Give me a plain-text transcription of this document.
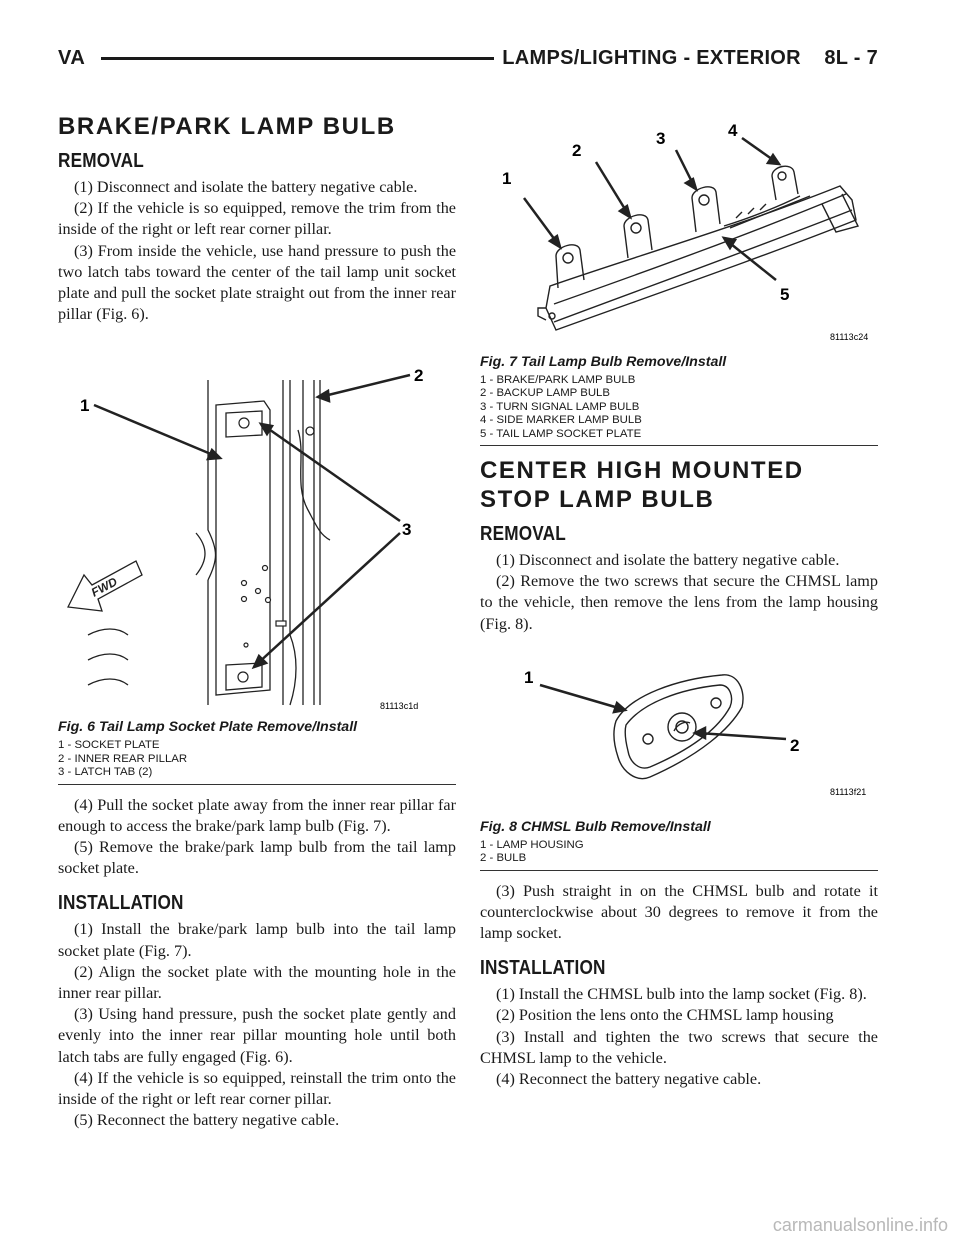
VA	LAMPS/LIGHTING - EXTERIOR    8L - 7
BRAKE/PARK LAMP BULB
REMOVAL

(1) Disconnect and isolate the battery negative cable.

(2) If the vehicle is so equipped, remove the trim from the inside of the right or left rear corner pillar.

(3) From inside the vehicle, use hand pressure to push the two latch tabs toward the center of the tail lamp unit socket plate and pull the socket plate straight out from the inner rear pillar (Fig. 6).

FWD
1
2
3
81113c1d
Fig. 6 Tail Lamp Socket Plate Remove/Install
1 - SOCKET PLATE
2 - INNER REAR PILLAR
3 - LATCH TAB (2)

(4) Pull the socket plate away from the inner rear pillar far enough to access the brake/park lamp bulb (Fig. 7).

(5) Remove the brake/park lamp bulb from the tail lamp socket plate.

INSTALLATION

(1) Install the brake/park lamp bulb into the tail lamp socket plate (Fig. 7).

(2) Align the socket plate with the mounting hole in the inner rear pillar.

(3) Using hand pressure, push the socket plate gently and evenly into the inner rear pillar mounting hole until both latch tabs are fully engaged (Fig. 6).

(4) If the vehicle is so equipped, reinstall the trim onto the inside of the right or left rear corner pillar.

(5) Reconnect the battery negative cable.

1
2
3	4
5
81113c24
Fig. 7 Tail Lamp Bulb Remove/Install
1 - BRAKE/PARK LAMP BULB
2 - BACKUP LAMP BULB
3 - TURN SIGNAL LAMP BULB
4 - SIDE MARKER LAMP BULB
5 - TAIL LAMP SOCKET PLATE
CENTER HIGH MOUNTED
STOP LAMP BULB
REMOVAL

(1) Disconnect and isolate the battery negative cable.

(2) Remove the two screws that secure the CHMSL lamp to the vehicle, then remove the lens from the lamp housing (Fig. 8).

1
2
81113f21
Fig. 8 CHMSL Bulb Remove/Install
1 - LAMP HOUSING
2 - BULB

(3) Push straight in on the CHMSL bulb and rotate it counterclockwise about 30 degrees to remove it from the lamp socket.

INSTALLATION

(1) Install the CHMSL bulb into the lamp socket (Fig. 8).

(2) Position the lens onto the CHMSL lamp housing

(3) Install and tighten the two screws that secure the CHMSL lamp to the vehicle.

(4) Reconnect the battery negative cable.

carmanualsonline.info
